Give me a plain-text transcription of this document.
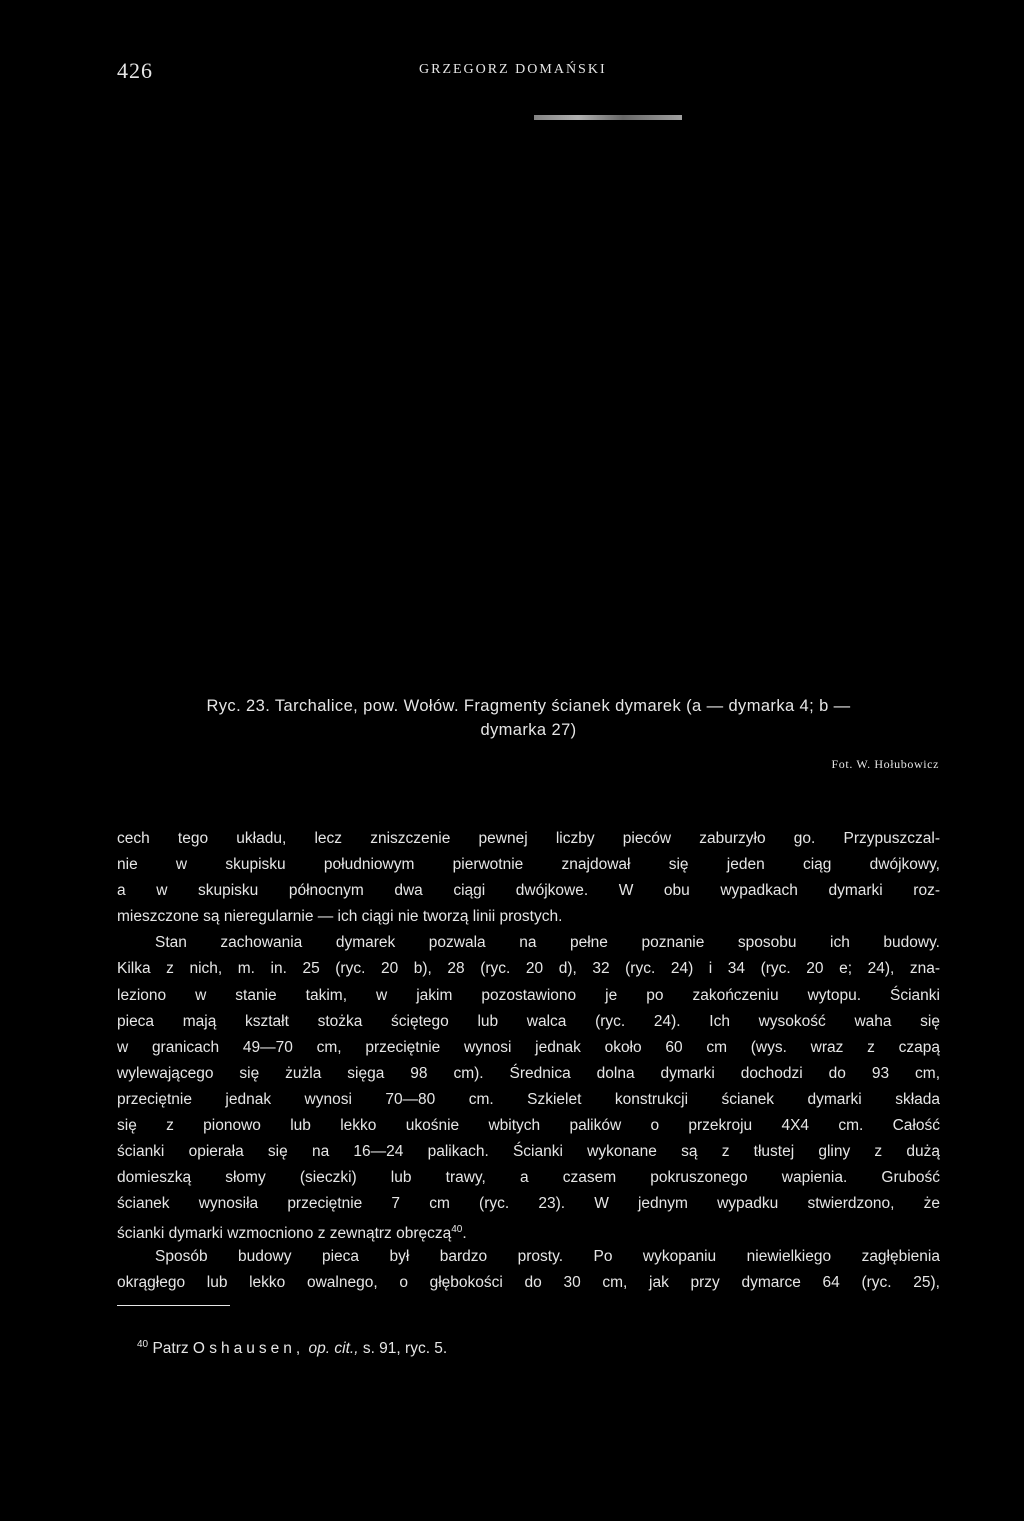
426	GRZEGORZ DOMAŃSKI
Ryc. 23. Tarchalice, pow. Wołów. Fragmenty ścianek dymarek (a — dymarka 4; b —
dymarka 27)
Fot. W. Hołubowicz
cech tego układu, lecz zniszczenie pewnej liczby pieców zaburzyło go. Przypuszczal-
nie w skupisku południowym pierwotnie znajdował się jeden ciąg dwójkowy,
a w skupisku północnym dwa ciągi dwójkowe. W obu wypadkach dymarki roz-
mieszczone są nieregularnie — ich ciągi nie tworzą linii prostych.
Stan zachowania dymarek pozwala na pełne poznanie sposobu ich budowy.
Kilka z nich, m. in. 25 (ryc. 20 b), 28 (ryc. 20 d), 32 (ryc. 24) i 34 (ryc. 20 e; 24), zna-
leziono w stanie takim, w jakim pozostawiono je po zakończeniu wytopu. Ścianki
pieca mają kształt stożka ściętego lub walca (ryc. 24). Ich wysokość waha się
w granicach 49—70 cm, przeciętnie wynosi jednak około 60 cm (wys. wraz z czapą
wylewającego się żużla sięga 98 cm). Średnica dolna dymarki dochodzi do 93 cm,
przeciętnie jednak wynosi 70—80 cm. Szkielet konstrukcji ścianek dymarki składa
się z pionowo lub lekko ukośnie wbitych palików o przekroju 4X4 cm. Całość
ścianki opierała się na 16—24 palikach. Ścianki wykonane są z tłustej gliny z dużą
domieszką słomy (sieczki) lub trawy, a czasem pokruszonego wapienia. Grubość
ścianek wynosiła przeciętnie 7 cm (ryc. 23). W jednym wypadku stwierdzono, że
ścianki dymarki wzmocniono z zewnątrz obręczą$^{40}$.
Sposób budowy pieca był bardzo prosty. Po wykopaniu niewielkiego zagłębienia
okrągłego lub lekko owalnego, o głębokości do 30 cm, jak przy dymarce 64 (ryc. 25),
$^{40}$ Patrz O shausen, op. cit., s. 91, ryc. 5.
